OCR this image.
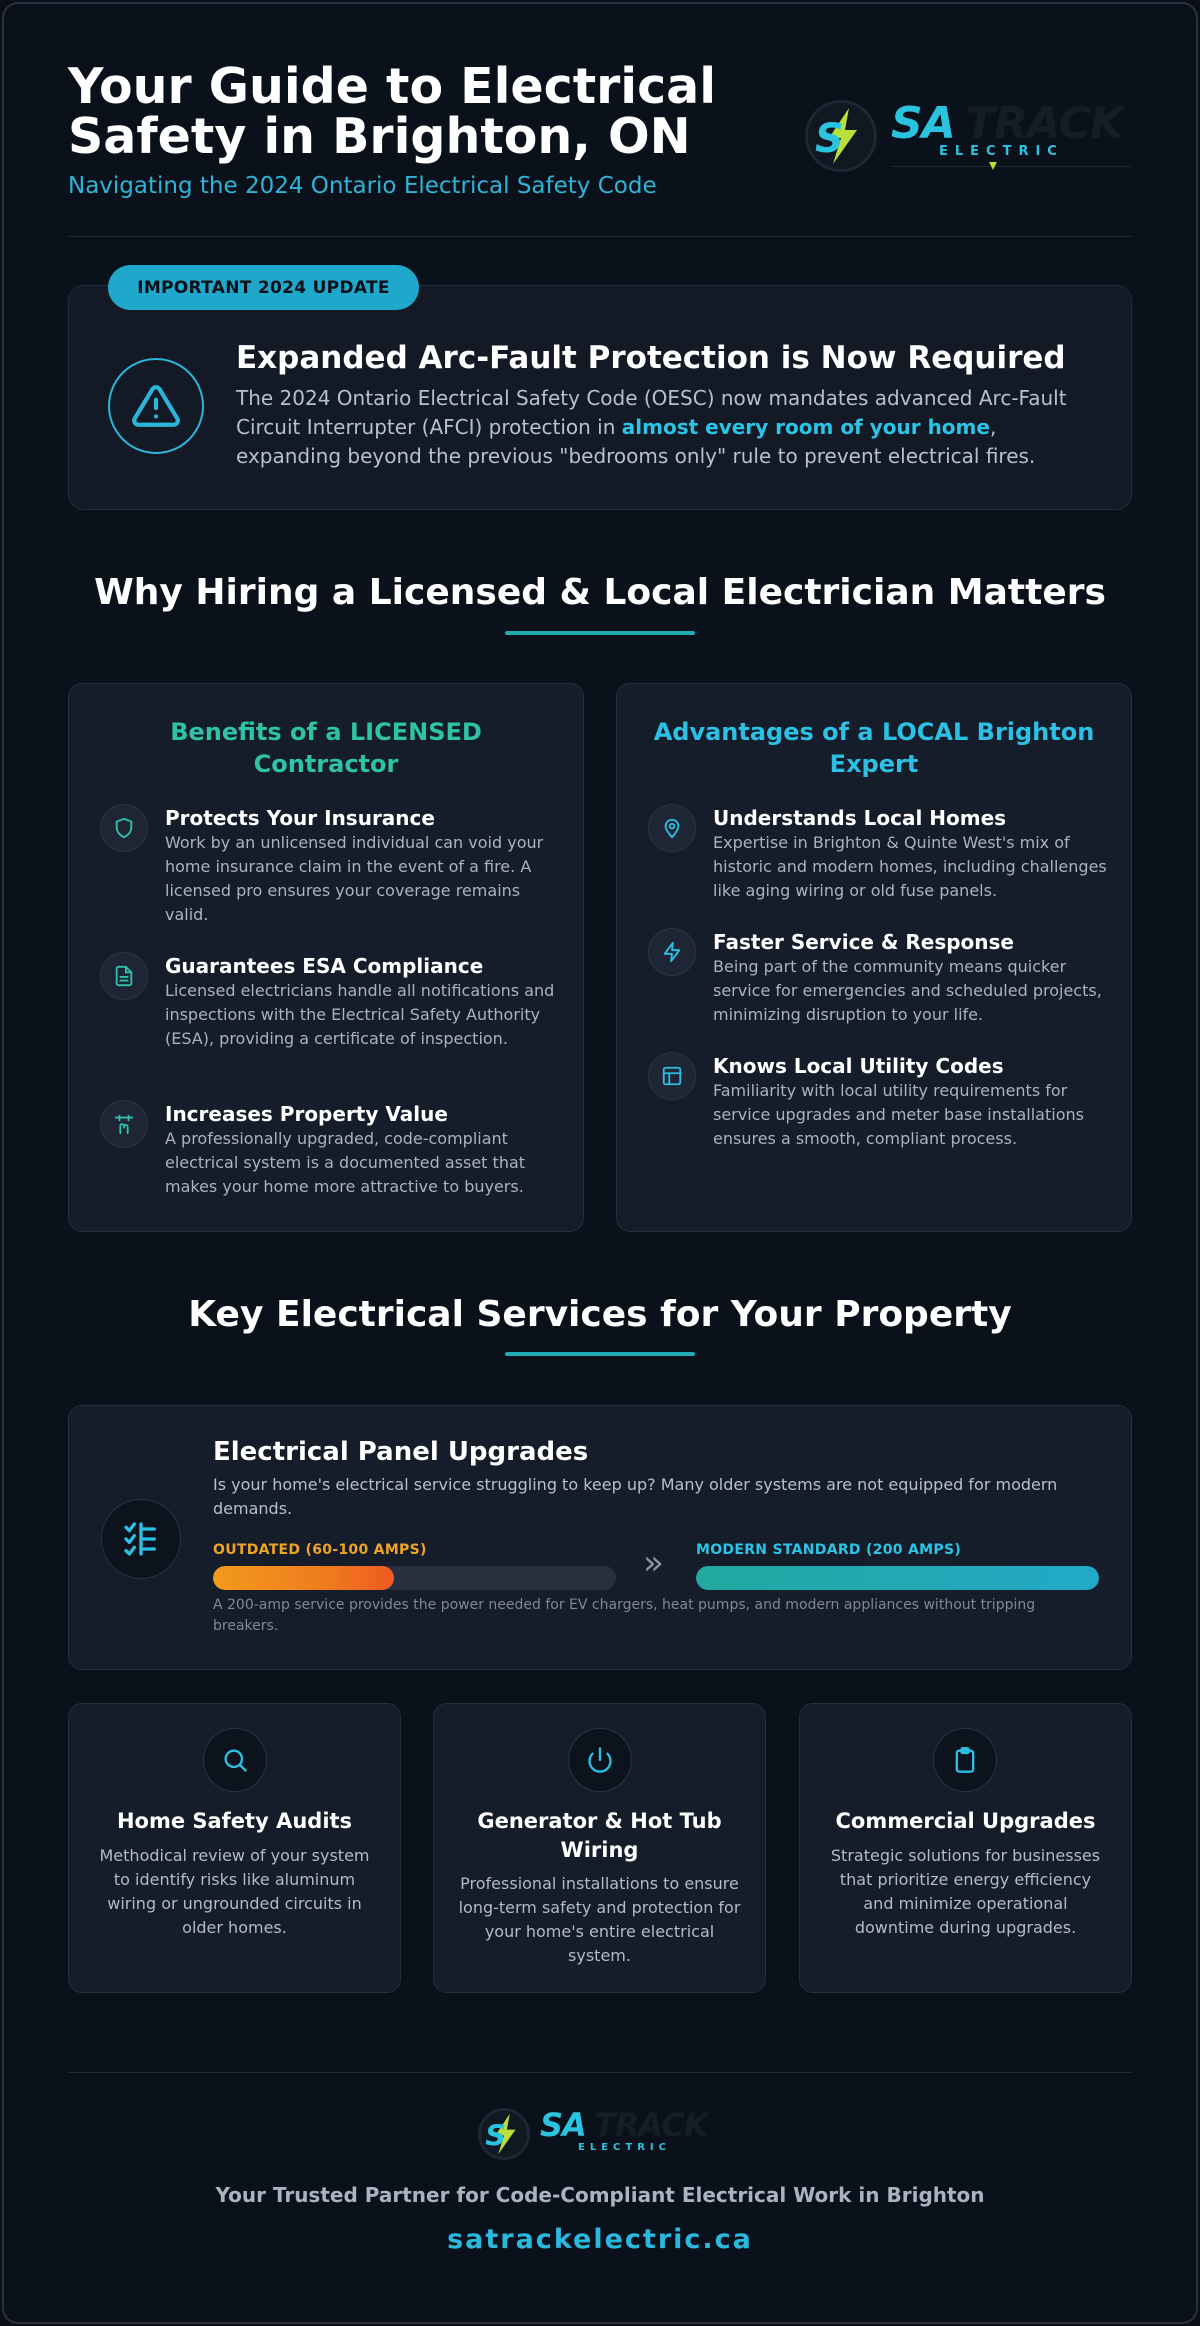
Your Guide to Electrical Safety in Brighton, ON
Navigating the 2024 Ontario Electrical Safety Code
S SA TRACK
ELECTRIC
IMPORTANT 2024 UPDATE
Expanded Arc-Fault Protection is Now Required
The 2024 Ontario Electrical Safety Code (OESC) now mandates advanced Arc-Fault Circuit Interrupter (AFCI) protection in almost every room of your home, expanding beyond the previous "bedrooms only" rule to prevent electrical fires.
Why Hiring a Licensed & Local Electrician Matters
Benefits of a LICENSED Contractor
Advantages of a LOCAL Brighton Expert
Protects Your Insurance
Work by an unlicensed individual can void your home insurance claim in the event of a fire. A licensed pro ensures your coverage remains valid.
Guarantees ESA Compliance
Licensed electricians handle all notifications and inspections with the Electrical Safety Authority (ESA), providing a certificate of inspection.
Increases Property Value
A professionally upgraded, code-compliant electrical system is a documented asset that makes your home more attractive to buyers.
Understands Local Homes
Expertise in Brighton & Quinte West's mix of historic and modern homes, including challenges like aging wiring or old fuse panels.
Faster Service & Response
Being part of the community means quicker service for emergencies and scheduled projects, minimizing disruption to your life.
Knows Local Utility Codes
Familiarity with local utility requirements for service upgrades and meter base installations ensures a smooth, compliant process.
Key Electrical Services for Your Property
Electrical Panel Upgrades
Is your home's electrical service struggling to keep up? Many older systems are not equipped for modern demands.
OUTDATED (60-100 AMPS)	» MODERN STANDARD (200 AMPS)
A 200-amp service provides the power needed for EV chargers, heat pumps, and modern appliances without tripping breakers.
Home Safety Audits
Methodical review of your system to identify risks like aluminum wiring or ungrounded circuits in older homes.
Generator & Hot Tub Wiring
Professional installations to ensure long-term safety and protection for your home's entire electrical system.
Commercial Upgrades
Strategic solutions for businesses that prioritize energy efficiency and minimize operational downtime during upgrades.
S SA TRACK
ELECTRIC
Your Trusted Partner for Code-Compliant Electrical Work in Brighton
satrackelectric.ca
